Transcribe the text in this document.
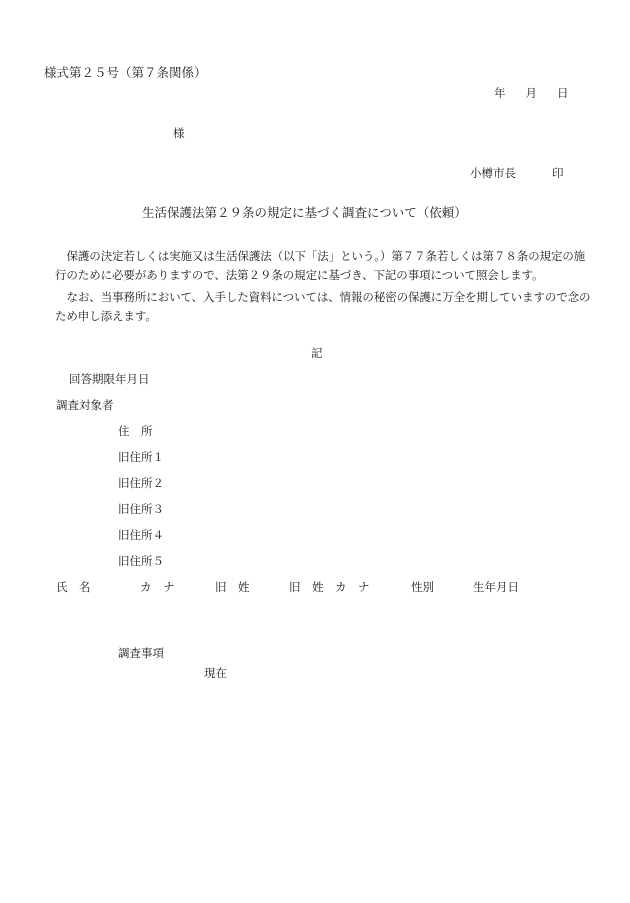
様式第２５号（第７条関係）
年 月 日
様
小樽市長	印
生活保護法第２９条の規定に基づく調査について（依頼）
保護の決定若しくは実施又は生活保護法（以下「法」という。）第７７条若しくは第７８条の規定の施行のために必要がありますので、法第２９条の規定に基づき、下記の事項について照会します。
なお、当事務所において、入手した資料については、情報の秘密の保護に万全を期していますので念のため申し添えます。
記
回答期限年月日
調査対象者
住　所
旧住所１
旧住所２
旧住所３
旧住所４
旧住所５
氏　名	カ　ナ	旧　姓	旧　姓　カ　ナ	性別	生年月日
調査事項
現在
